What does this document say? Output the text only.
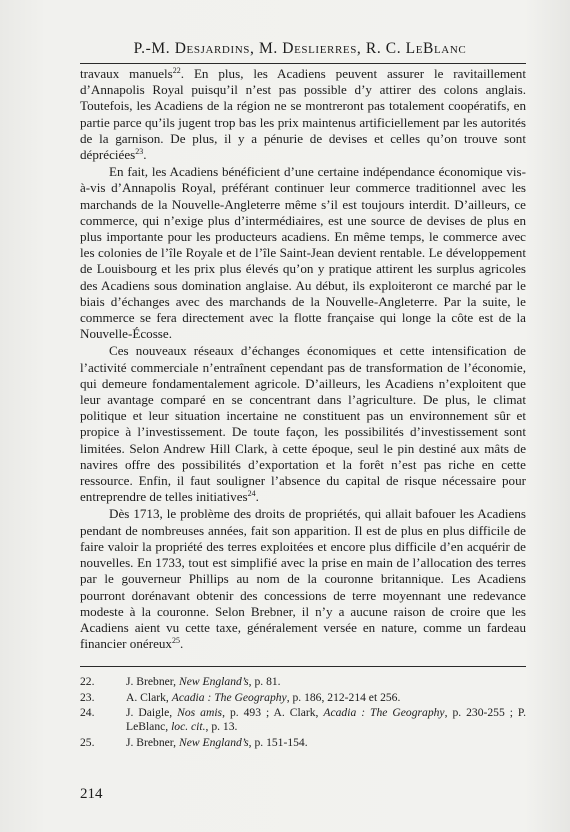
P.-M. Desjardins, M. Deslierres, R. C. LeBlanc

travaux manuels$^{22}$. En plus, les Acadiens peuvent assurer le ravitaillement d’Annapolis Royal puisqu’il n’est pas possible d’y attirer des colons anglais. Toutefois, les Acadiens de la région ne se montreront pas totalement coopératifs, en partie parce qu’ils jugent trop bas les prix maintenus artificiellement par les autorités de la garnison. De plus, il y a pénurie de devises et celles qu’on trouve sont dépréciées$^{23}$.

En fait, les Acadiens bénéficient d’une certaine indépendance économique vis-à-vis d’Annapolis Royal, préférant continuer leur commerce traditionnel avec les marchands de la Nouvelle-Angleterre même s’il est toujours interdit. D’ailleurs, ce commerce, qui n’exige plus d’intermédiaires, est une source de devises de plus en plus importante pour les producteurs acadiens. En même temps, le commerce avec les colonies de l’île Royale et de l’île Saint-Jean devient rentable. Le développement de Louisbourg et les prix plus élevés qu’on y pratique attirent les surplus agricoles des Acadiens sous domination anglaise. Au début, ils exploiteront ce marché par le biais d’échanges avec des marchands de la Nouvelle-Angleterre. Par la suite, le commerce se fera directement avec la flotte française qui longe la côte est de la Nouvelle-Écosse.

Ces nouveaux réseaux d’échanges économiques et cette intensification de l’activité commerciale n’entraînent cependant pas de transformation de l’économie, qui demeure fondamentalement agricole. D’ailleurs, les Acadiens n’exploitent que leur avantage comparé en se concentrant dans l’agriculture. De plus, le climat politique et leur situation incertaine ne constituent pas un environnement sûr et propice à l’investissement. De toute façon, les possibilités d’investissement sont limitées. Selon Andrew Hill Clark, à cette époque, seul le pin destiné aux mâts de navires offre des possibilités d’exportation et la forêt n’est pas riche en cette ressource. Enfin, il faut souligner l’absence du capital de risque nécessaire pour entreprendre de telles initiatives$^{24}$.

Dès 1713, le problème des droits de propriétés, qui allait bafouer les Acadiens pendant de nombreuses années, fait son apparition. Il est de plus en plus difficile de faire valoir la propriété des terres exploitées et encore plus difficile d’en acquérir de nouvelles. En 1733, tout est simplifié avec la prise en main de l’allocation des terres par le gouverneur Phillips au nom de la couronne britannique. Les Acadiens pourront dorénavant obtenir des concessions de terre moyennant une redevance modeste à la couronne. Selon Brebner, il n’y a aucune raison de croire que les Acadiens aient vu cette taxe, généralement versée en nature, comme un fardeau financier onéreux$^{25}$.

22.	J. Brebner, New England’s, p. 81.
23.	A. Clark, Acadia : The Geography, p. 186, 212-214 et 256.
24.	J. Daigle, Nos amis, p. 493 ; A. Clark, Acadia : The Geography, p. 230-255 ; P. LeBlanc, loc. cit., p. 13.
25.	J. Brebner, New England’s, p. 151-154.
214
